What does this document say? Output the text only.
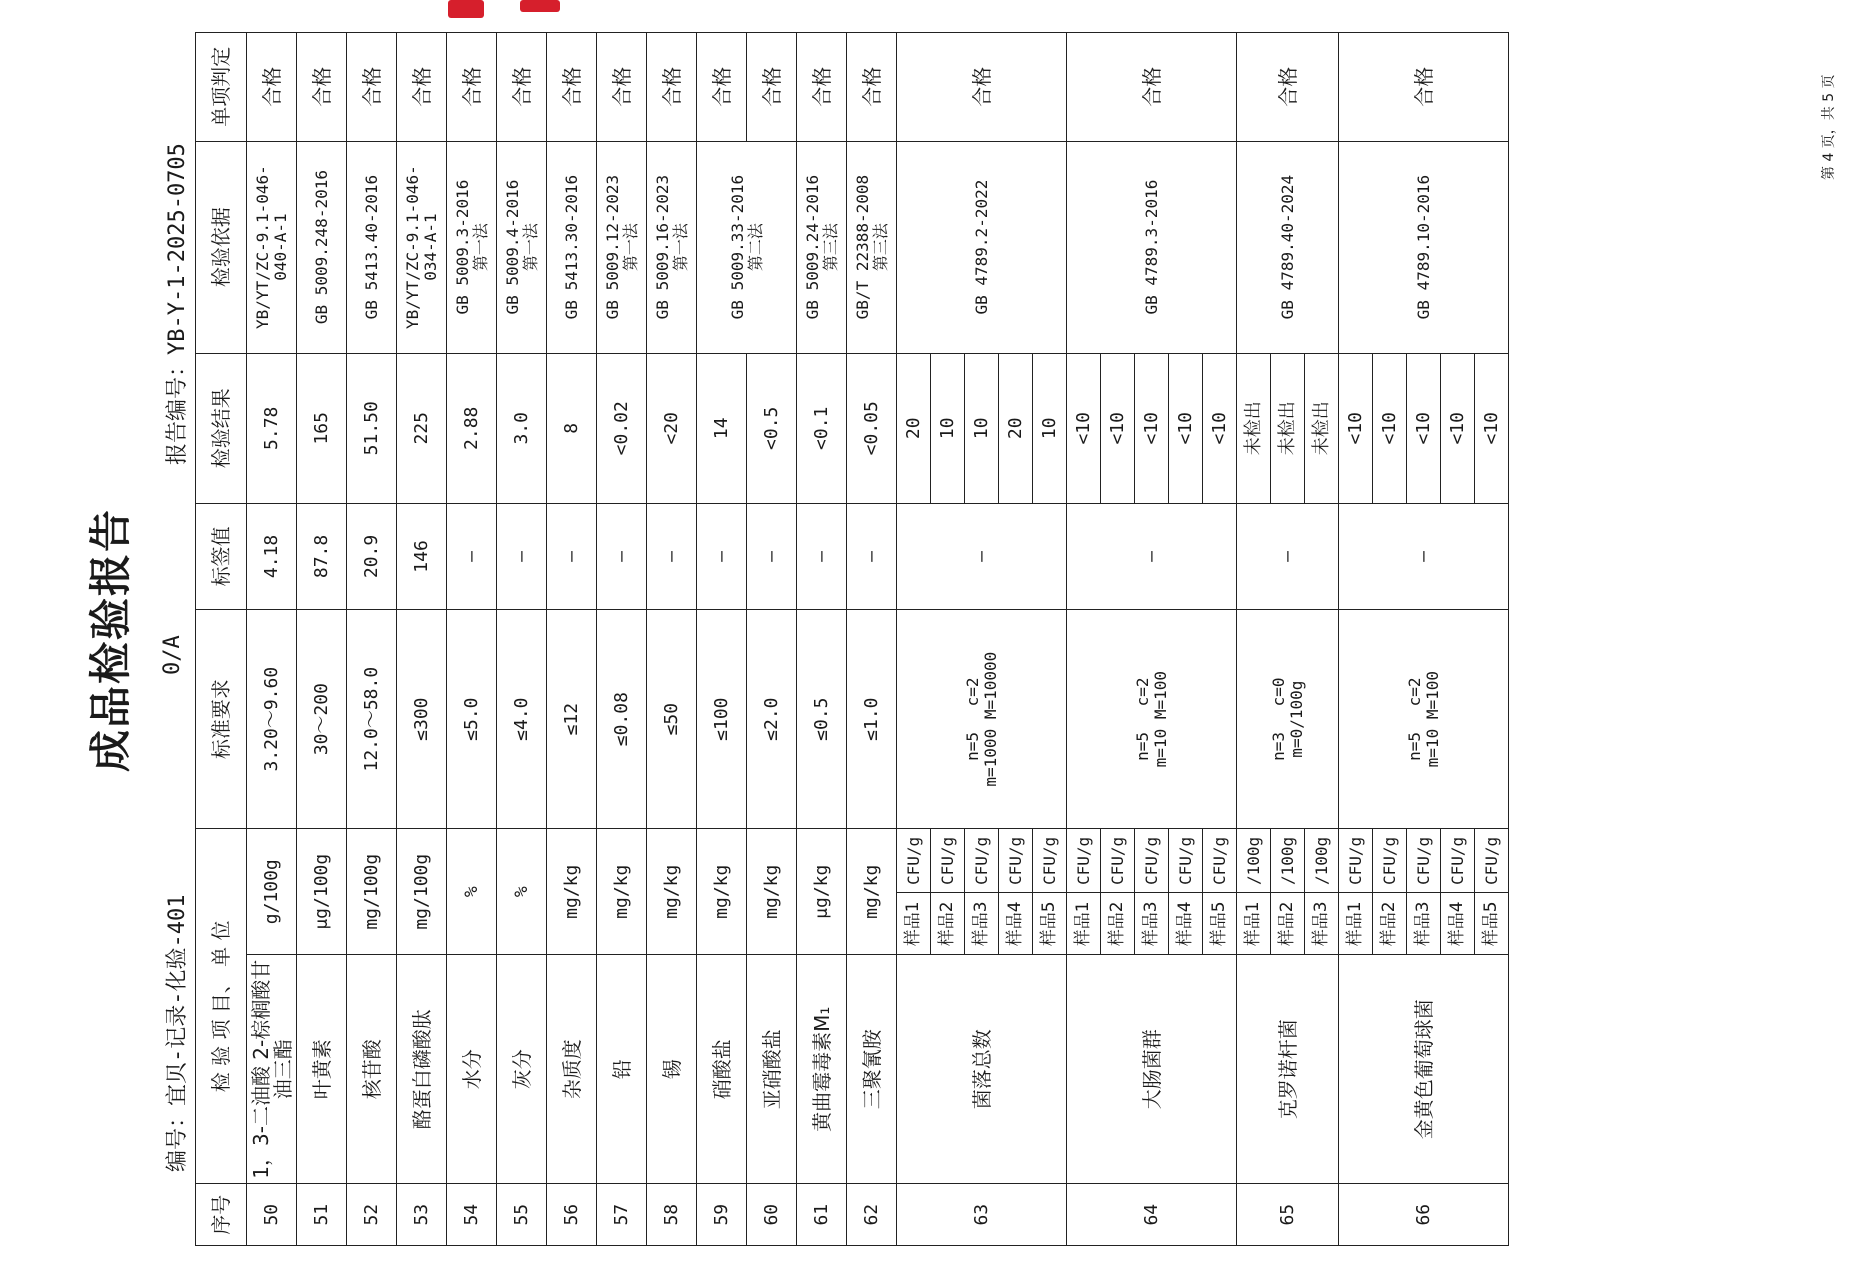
成品检验报告
编号：宜贝-记录-化验-401
0/A
报告编号：YB-Y-1-2025-0705
序号	检 验 项 目、 单 位			标准要求	标签值	检验结果	检验依据	单项判定
50	1，3-二油酸 2-棕榈酸甘油三酯	g/100g		3.20～9.60	4.18	5.78	YB/YT/ZC-9.1-046-
040-A-1	合格
51	叶黄素	μg/100g		30～200	87.8	165	GB 5009.248-2016	合格
52	核苷酸	mg/100g		12.0～58.0	20.9	51.50	GB 5413.40-2016	合格
53	酪蛋白磷酸肽	mg/100g		≤300	146	225	YB/YT/ZC-9.1-046-
034-A-1	合格
54	水分	%		≤5.0	—	2.88	GB 5009.3-2016
第一法	合格
55	灰分	%		≤4.0	—	3.0	GB 5009.4-2016
第一法	合格
56	杂质度	mg/kg		≤12	—	8	GB 5413.30-2016	合格
57	铅	mg/kg		≤0.08	—	<0.02	GB 5009.12-2023
第一法	合格
58	锡	mg/kg		≤50	—	<20	GB 5009.16-2023
第一法	合格
59	硝酸盐	mg/kg		≤100	—	14	GB 5009.33-2016
第二法	合格
60	亚硝酸盐	mg/kg		≤2.0	—	<0.5		合格
61	黄曲霉毒素M₁	μg/kg		≤0.5	—	<0.1	GB 5009.24-2016
第三法	合格
62	三聚氰胺	mg/kg		≤1.0	—	<0.05	GB/T 22388-2008
第三法	合格
63	菌落总数	样品1	CFU/g	n=5　 c=2
m=1000 M=10000	—	20	GB 4789.2-2022	合格
		样品2	CFU/g			10		
		样品3	CFU/g			10		
		样品4	CFU/g			20		
		样品5	CFU/g			10		
64	大肠菌群	样品1	CFU/g	n=5　 c=2
m=10 M=100	—	<10	GB 4789.3-2016	合格
		样品2	CFU/g			<10		
		样品3	CFU/g			<10		
		样品4	CFU/g			<10		
		样品5	CFU/g			<10		
65	克罗诺杆菌	样品1	/100g	n=3　 c=0
m=0/100g	—	未检出	GB 4789.40-2024	合格
		样品2	/100g			未检出		
		样品3	/100g			未检出		
66	金黄色葡萄球菌	样品1	CFU/g	n=5　 c=2
m=10 M=100	—	<10	GB 4789.10-2016	合格
		样品2	CFU/g			<10		
		样品3	CFU/g			<10		
		样品4	CFU/g			<10		
		样品5	CFU/g			<10		
第 4 页，共 5 页
